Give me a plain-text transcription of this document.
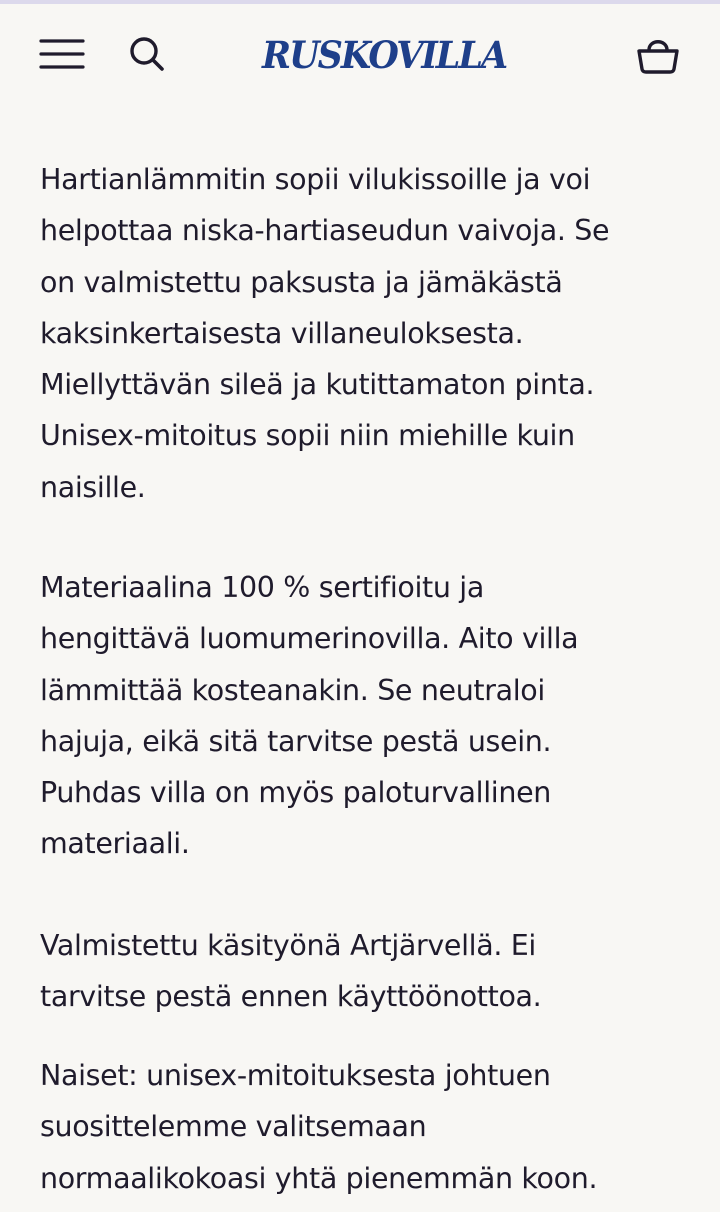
RUSKOVILLA

Hartianlämmitin sopii vilukissoille ja voi
helpottaa niska-hartiaseudun vaivoja. Se
on valmistettu paksusta ja jämäkästä
kaksinkertaisesta villaneuloksesta.
Miellyttävän sileä ja kutittamaton pinta.
Unisex-mitoitus sopii niin miehille kuin
naisille.

Materiaalina 100 % sertifioitu ja
hengittävä luomumerinovilla. Aito villa
lämmittää kosteanakin. Se neutraloi
hajuja, eikä sitä tarvitse pestä usein.
Puhdas villa on myös paloturvallinen
materiaali.

Valmistettu käsityönä Artjärvellä. Ei
tarvitse pestä ennen käyttöönottoa.

Naiset: unisex-mitoituksesta johtuen
suosittelemme valitsemaan
normaalikokoasi yhtä pienemmän koon.
